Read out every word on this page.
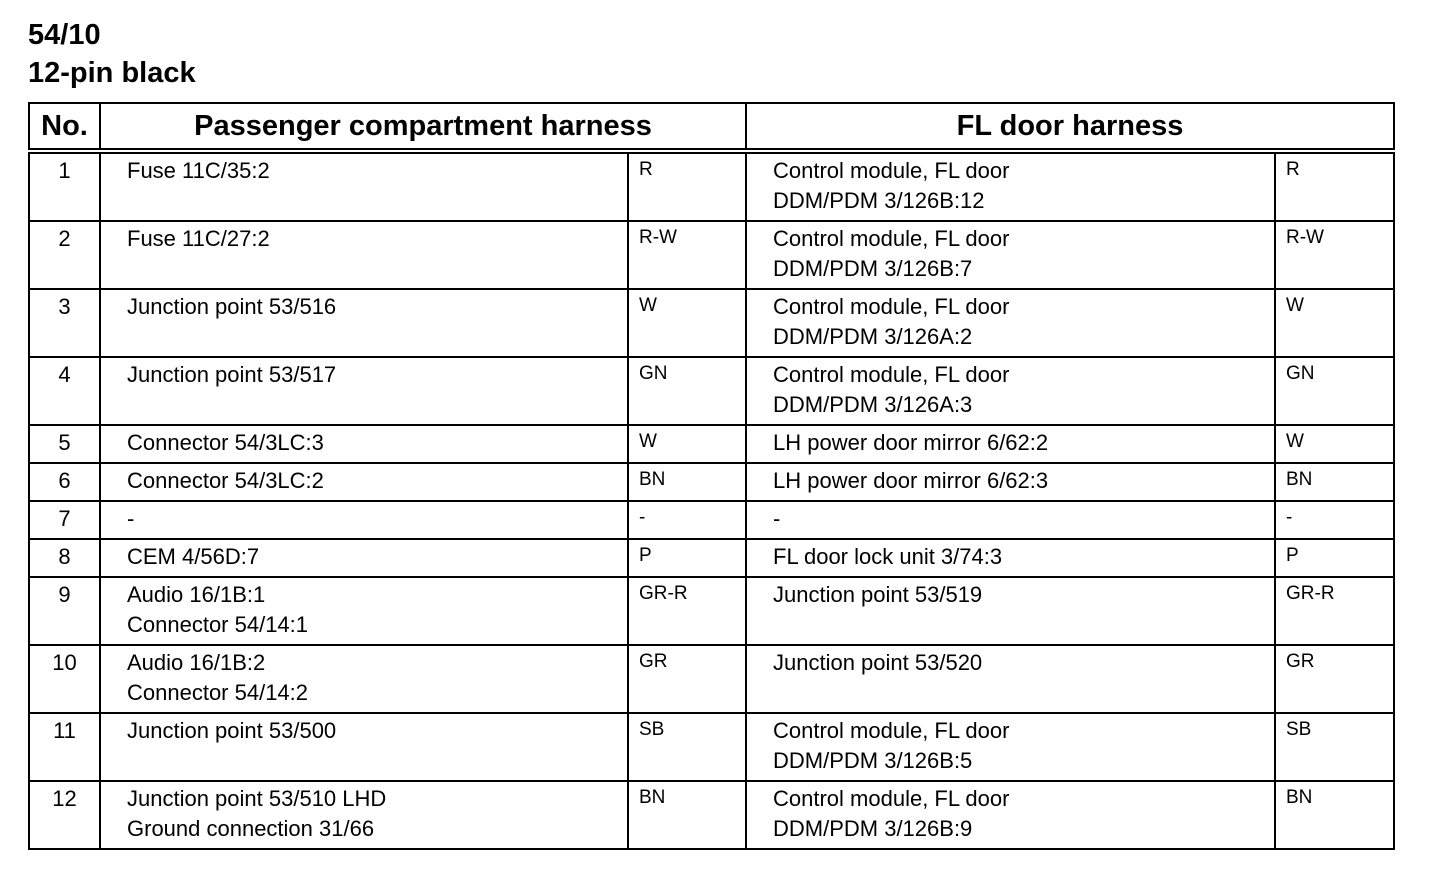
54/10
12-pin black
No.	Passenger compartment harness		FL door harness	

1	Fuse 11C/35:2	R	Control module, FL door
DDM/PDM 3/126B:12	R

2	Fuse 11C/27:2	R-W	Control module, FL door
DDM/PDM 3/126B:7	R-W

3	Junction point 53/516	W	Control module, FL door
DDM/PDM 3/126A:2	W

4	Junction point 53/517	GN	Control module, FL door
DDM/PDM 3/126A:3	GN

5	Connector 54/3LC:3	W	LH power door mirror 6/62:2	W

6	Connector 54/3LC:2	BN	LH power door mirror 6/62:3	BN

7	-	-	-	-

8	CEM 4/56D:7	P	FL door lock unit 3/74:3	P

9	Audio 16/1B:1
Connector 54/14:1	GR-R	Junction point 53/519	GR-R

10	Audio 16/1B:2
Connector 54/14:2	GR	Junction point 53/520	GR

11	Junction point 53/500	SB	Control module, FL door
DDM/PDM 3/126B:5	SB

12	Junction point 53/510 LHD
Ground connection 31/66	BN	Control module, FL door
DDM/PDM 3/126B:9	BN
